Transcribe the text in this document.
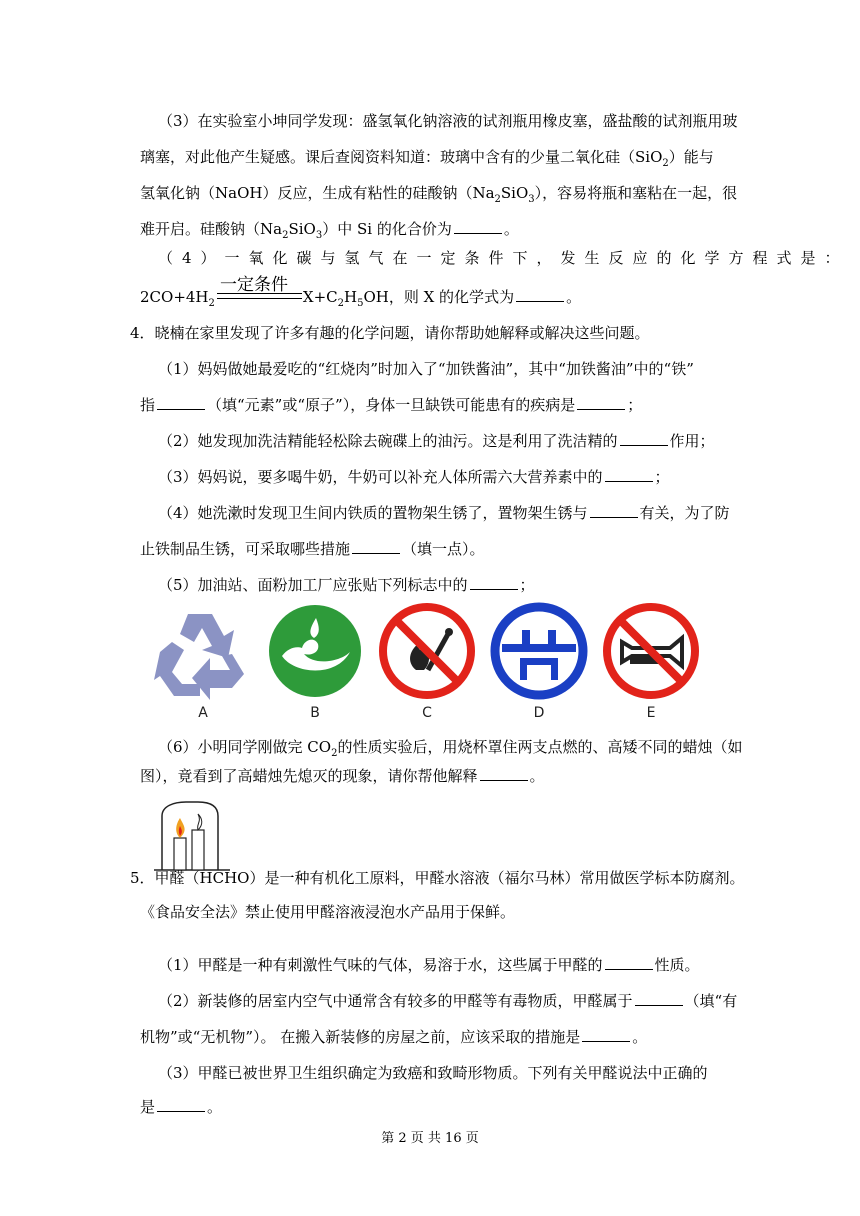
（3）在实验室小坤同学发现：盛氢氧化钠溶液的试剂瓶用橡皮塞，盛盐酸的试剂瓶用玻
璃塞，对此他产生疑感。课后查阅资料知道：玻璃中含有的少量二氧化硅（SiO$_2$）能与
氢氧化钠（NaOH）反应，生成有粘性的硅酸钠$(Na_2SiO_3)$，容易将瓶和塞粘在一起，很
难开启。硅酸钠$(Na_2SiO_3)$中 Si 的化合价为	。
（4）一氧化碳与氢气在一定条件下，发生反应的化学方程式是：
一定条件
$2CO+4H_2$	$X+C_2H_5OH$，则 X 的化学式为	。
4．晓楠在家里发现了许多有趣的化学问题，请你帮助她解释或解决这些问题。
（1）妈妈做她最爱吃的“红烧肉”时加入了“加铁酱油”，其中“加铁酱油”中的“铁”
指	（填“元素”或“原子”），身体一旦缺铁可能患有的疾病是	；
（2）她发现加洗洁精能轻松除去碗碟上的油污。这是利用了洗洁精的	作用；
（3）妈妈说，要多喝牛奶，牛奶可以补充人体所需六大营养素中的	；
（4）她洗漱时发现卫生间内铁质的置物架生锈了，置物架生锈与	有关，为了防
止铁制品生锈，可采取哪些措施	（填一点）。
（5）加油站、面粉加工厂应张贴下列标志中的	；
A	B	C	D	E
（6）小明同学刚做完 $CO_2$的性质实验后，用烧杯罩住两支点燃的、高矮不同的蜡烛（如
图），竟看到了高蜡烛先熄灭的现象，请你帮他解释	。
5．甲醛（HCHO）是一种有机化工原料，甲醛水溶液（福尔马林）常用做医学标本防腐剂。
《食品安全法》禁止使用甲醛溶液浸泡水产品用于保鲜。
（1）甲醛是一种有刺激性气味的气体，易溶于水，这些属于甲醛的	性质。
（2）新装修的居室内空气中通常含有较多的甲醛等有毒物质，甲醛属于	（填“有
机物”或“无机物”）。 在搬入新装修的房屋之前，应该采取的措施是	。
（3）甲醛已被世界卫生组织确定为致癌和致畸形物质。下列有关甲醛说法中正确的
是	。
第 2 页 共 16 页
